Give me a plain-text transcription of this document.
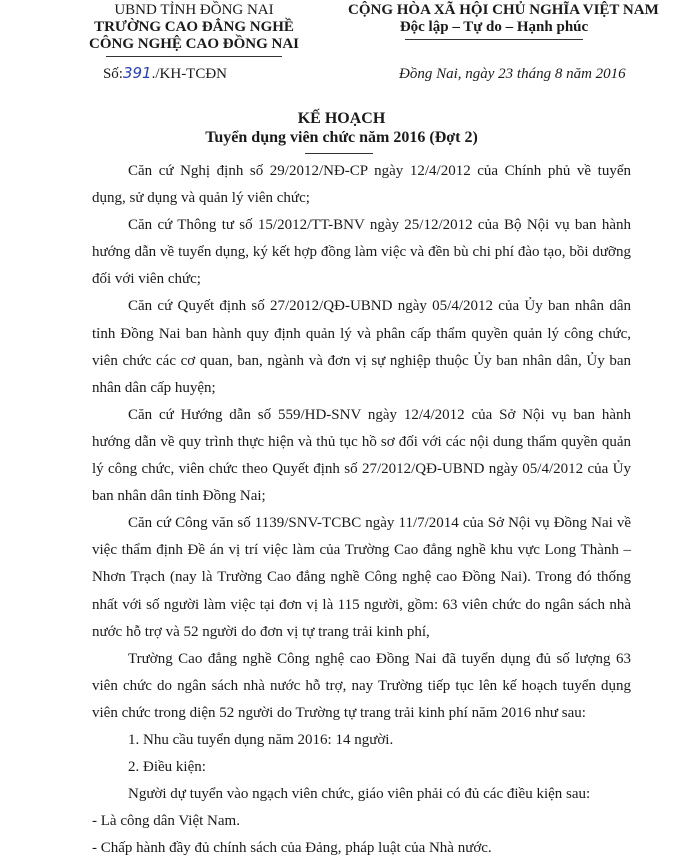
UBND TỈNH ĐỒNG NAI
TRƯỜNG CAO ĐẲNG NGHỀ
CÔNG NGHỆ CAO ĐỒNG NAI
Số:391./KH-TCĐN
CỘNG HÒA XÃ HỘI CHỦ NGHĨA VIỆT NAM
Độc lập – Tự do – Hạnh phúc
Đồng Nai, ngày 23 tháng 8 năm 2016
KẾ HOẠCH
Tuyển dụng viên chức năm 2016 (Đợt 2)

Căn cứ Nghị định số 29/2012/NĐ-CP ngày 12/4/2012 của Chính phủ về tuyển dụng, sử dụng và quản lý viên chức;

Căn cứ Thông tư số 15/2012/TT-BNV ngày 25/12/2012 của Bộ Nội vụ ban hành hướng dẫn về tuyển dụng, ký kết hợp đồng làm việc và đền bù chi phí đào tạo, bồi dưỡng đối với viên chức;

Căn cứ Quyết định số 27/2012/QĐ-UBND ngày 05/4/2012 của Ủy ban nhân dân tỉnh Đồng Nai ban hành quy định quản lý và phân cấp thẩm quyền quản lý công chức, viên chức các cơ quan, ban, ngành và đơn vị sự nghiệp thuộc Ủy ban nhân dân, Ủy ban nhân dân cấp huyện;

Căn cứ Hướng dẫn số 559/HD-SNV ngày 12/4/2012 của Sở Nội vụ ban hành hướng dẫn về quy trình thực hiện và thủ tục hồ sơ đối với các nội dung thẩm quyền quản lý công chức, viên chức theo Quyết định số 27/2012/QĐ-UBND ngày 05/4/2012 của Ủy ban nhân dân tỉnh Đồng Nai;

Căn cứ Công văn số 1139/SNV-TCBC ngày 11/7/2014 của Sở Nội vụ Đồng Nai về việc thẩm định Đề án vị trí việc làm của Trường Cao đẳng nghề khu vực Long Thành – Nhơn Trạch (nay là Trường Cao đẳng nghề Công nghệ cao Đồng Nai). Trong đó thống nhất với số người làm việc tại đơn vị là 115 người, gồm: 63 viên chức do ngân sách nhà nước hỗ trợ và 52 người do đơn vị tự trang trải kinh phí,

Trường Cao đẳng nghề Công nghệ cao Đồng Nai đã tuyển dụng đủ số lượng 63 viên chức do ngân sách nhà nước hỗ trợ, nay Trường tiếp tục lên kế hoạch tuyển dụng viên chức trong diện 52 người do Trường tự trang trải kinh phí năm 2016 như sau:

1. Nhu cầu tuyển dụng năm 2016: 14 người.

2. Điều kiện:

Người dự tuyển vào ngạch viên chức, giáo viên phải có đủ các điều kiện sau:

- Là công dân Việt Nam.

- Chấp hành đầy đủ chính sách của Đảng, pháp luật của Nhà nước.
